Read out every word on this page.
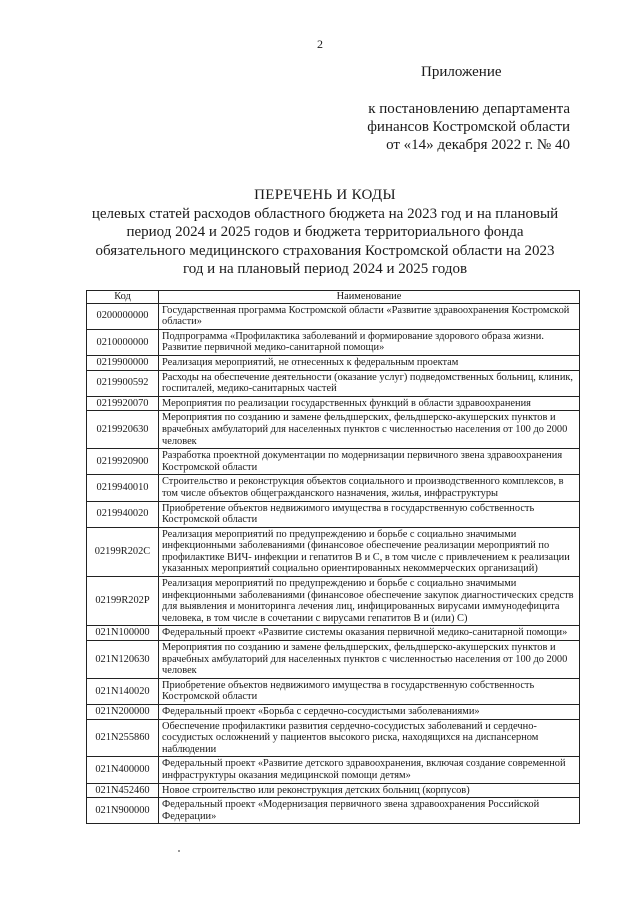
2
Приложение
к постановлению департамента
финансов Костромской области
от «14» декабря 2022 г. № 40
ПЕРЕЧЕНЬ И КОДЫ
целевых статей расходов областного бюджета на 2023 год и на плановый
период 2024 и 2025 годов и бюджета территориального фонда
обязательного медицинского страхования Костромской области на 2023
год и на плановый период 2024 и 2025 годов
Код	Наименование
0200000000	Государственная программа Костромской области «Развитие здравоохранения Костромской области»
0210000000	Подпрограмма «Профилактика заболеваний и формирование здорового образа жизни. Развитие первичной медико-санитарной помощи»
0219900000	Реализация мероприятий, не отнесенных к федеральным проектам
0219900592	Расходы на обеспечение деятельности (оказание услуг) подведомственных больниц, клиник, госпиталей, медико-санитарных частей
0219920070	Мероприятия по реализации государственных функций в области здравоохранения
0219920630	Мероприятия по созданию и замене фельдшерских, фельдшерско-акушерских пунктов и врачебных амбулаторий для населенных пунктов с численностью населения от 100 до 2000 человек
0219920900	Разработка проектной документации по модернизации первичного звена здравоохранения Костромской области
0219940010	Строительство и реконструкция объектов социального и производственного комплексов, в том числе объектов общегражданского назначения, жилья, инфраструктуры
0219940020	Приобретение объектов недвижимого имущества в государственную собственность Костромской области
02199R202С	Реализация мероприятий по предупреждению и борьбе с социально значимыми инфекционными заболеваниями (финансовое обеспечение реализации мероприятий по профилактике ВИЧ- инфекции и гепатитов В и С, в том числе с привлечением к реализации указанных мероприятий социально ориентированных некоммерческих организаций)
02199R202Р	Реализация мероприятий по предупреждению и борьбе с социально значимыми инфекционными заболеваниями (финансовое обеспечение закупок диагностических средств для выявления и мониторинга лечения лиц, инфицированных вирусами иммунодефицита человека, в том числе в сочетании с вирусами гепатитов В и (или) С)
021N100000	Федеральный проект «Развитие системы оказания первичной медико-санитарной помощи»
021N120630	Мероприятия по созданию и замене фельдшерских, фельдшерско-акушерских пунктов и врачебных амбулаторий для населенных пунктов с численностью населения от 100 до 2000 человек
021N140020	Приобретение объектов недвижимого имущества в государственную собственность Костромской области
021N200000	Федеральный проект «Борьба с сердечно-сосудистыми заболеваниями»
021N255860	Обеспечение профилактики развития сердечно-сосудистых заболеваний и сердечно-сосудистых осложнений у пациентов высокого риска, находящихся на диспансерном наблюдении
021N400000	Федеральный проект «Развитие детского здравоохранения, включая создание современной инфраструктуры оказания медицинской помощи детям»
021N452460	Новое строительство или реконструкция детских больниц (корпусов)
021N900000	Федеральный проект «Модернизация первичного звена здравоохранения Российской Федерации»
